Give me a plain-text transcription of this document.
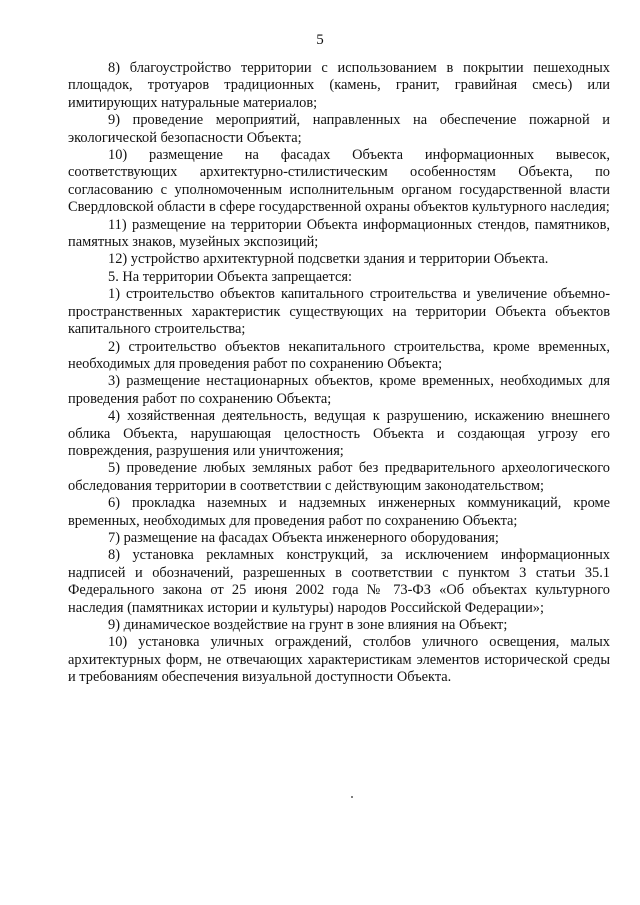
5

8) благоустройство территории с использованием в покрытии пешеходных площадок, тротуаров традиционных (камень, гранит, гравийная смесь) или имитирующих натуральные материалов;

9) проведение мероприятий, направленных на обеспечение пожарной и экологической безопасности Объекта;

10) размещение на фасадах Объекта информационных вывесок, соответствующих архитектурно-стилистическим особенностям Объекта, по согласованию с уполномоченным исполнительным органом государственной власти Свердловской области в сфере государственной охраны объектов культурного наследия;

11) размещение на территории Объекта информационных стендов, памятников, памятных знаков, музейных экспозиций;

12) устройство архитектурной подсветки здания и территории Объекта.

5. На территории Объекта запрещается:

1) строительство объектов капитального строительства и увеличение объемно-пространственных характеристик существующих на территории Объекта объектов капитального строительства;

2) строительство объектов некапитального строительства, кроме временных, необходимых для проведения работ по сохранению Объекта;

3) размещение нестационарных объектов, кроме временных, необходимых для проведения работ по сохранению Объекта;

4) хозяйственная деятельность, ведущая к разрушению, искажению внешнего облика Объекта, нарушающая целостность Объекта и создающая угрозу его повреждения, разрушения или уничтожения;

5) проведение любых земляных работ без предварительного археологического обследования территории в соответствии с действующим законодательством;

6) прокладка наземных и надземных инженерных коммуникаций, кроме временных, необходимых для проведения работ по сохранению Объекта;

7) размещение на фасадах Объекта инженерного оборудования;

8) установка рекламных конструкций, за исключением информационных надписей и обозначений, разрешенных в соответствии с пунктом 3 статьи 35.1 Федерального закона от 25 июня 2002 года № 73-ФЗ «Об объектах культурного наследия (памятниках истории и культуры) народов Российской Федерации»;

9) динамическое воздействие на грунт в зоне влияния на Объект;

10) установка уличных ограждений, столбов уличного освещения, малых архитектурных форм, не отвечающих характеристикам элементов исторической среды и требованиям обеспечения визуальной доступности Объекта.
